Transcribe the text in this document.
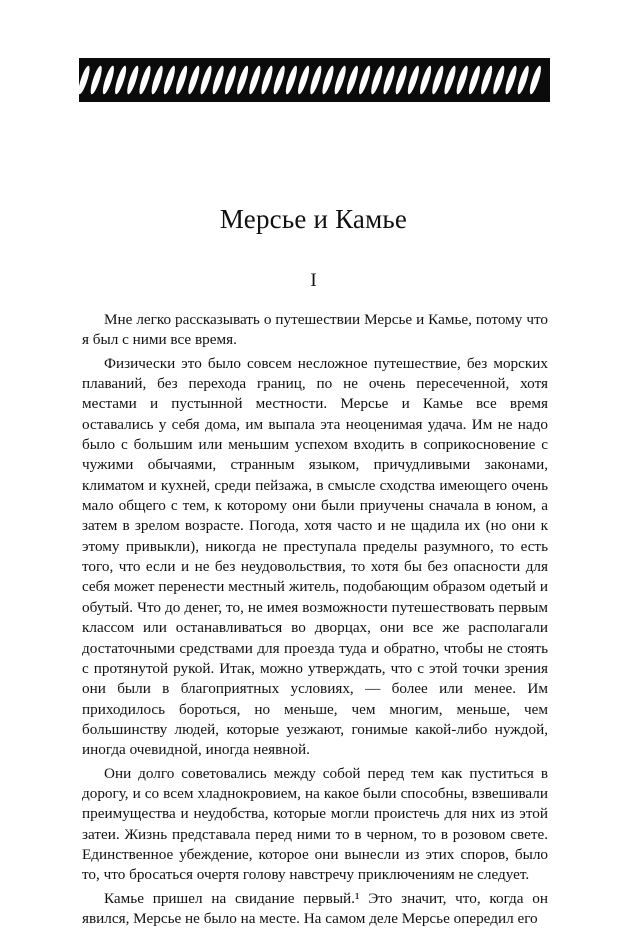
Мерсье и Камье
I

Мне легко рассказывать о путешествии Мерсье и Камье, потому что я был с ними все время.

Физически это было совсем несложное путешествие, без морских плаваний, без перехода границ, по не очень пересеченной, хотя местами и пустынной местности. Мерсье и Камье все время оставались у себя дома, им выпала эта неоценимая удача. Им не надо было с большим или меньшим успехом входить в соприкосновение с чужими обычаями, странным языком, причудливыми законами, климатом и кухней, среди пейзажа, в смысле сходства имеющего очень мало общего с тем, к которому они были приучены сначала в юном, а затем в зрелом возрасте. Погода, хотя часто и не щадила их (но они к этому привыкли), никогда не преступала пределы разумного, то есть того, что если и не без неудовольствия, то хотя бы без опасности для себя может перенести местный житель, подобающим образом одетый и обутый. Что до денег, то, не имея возможности путешествовать первым классом или останавливаться во дворцах, они все же располагали достаточными средствами для проезда туда и обратно, чтобы не стоять с протянутой рукой. Итак, можно утверждать, что с этой точки зрения они были в благоприятных условиях, — более или менее. Им приходилось бороться, но меньше, чем многим, меньше, чем большинству людей, которые уезжают, гонимые какой-либо нуждой, иногда очевидной, иногда неявной.

Они долго советовались между собой перед тем как пуститься в дорогу, и со всем хладнокровием, на какое были способны, взвешивали преимущества и неудобства, которые могли проистечь для них из этой затеи. Жизнь представала перед ними то в черном, то в розовом свете. Единственное убеждение, которое они вынесли из этих споров, было то, что бросаться очертя голову навстречу приключениям не следует.

Камье пришел на свидание первый.¹ Это значит, что, когда он явился, Мерсье не было на месте. На самом деле Мерсье опередил его
